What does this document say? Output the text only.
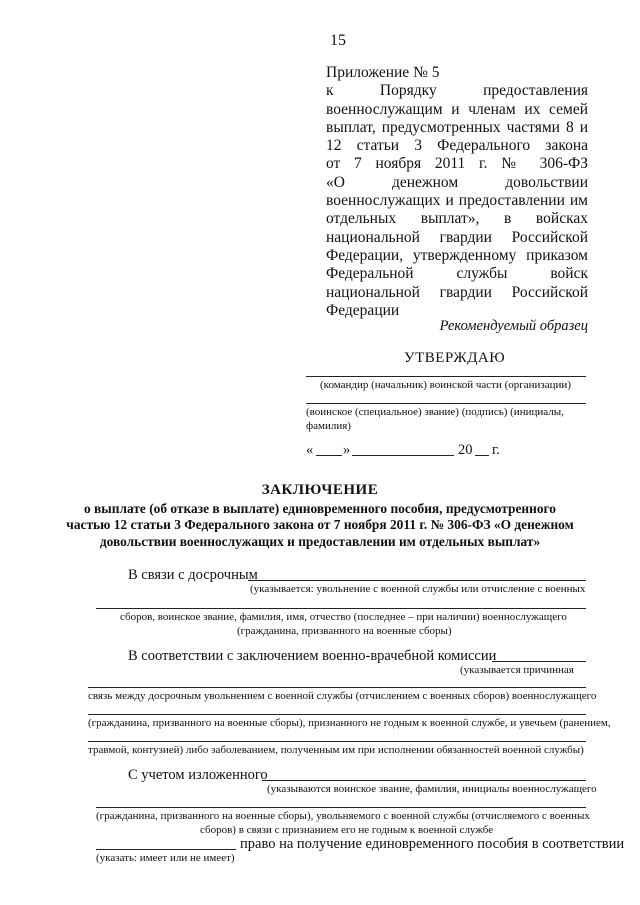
15
Приложение № 5
к Порядку предоставления
военнослужащим и членам их семей
выплат, предусмотренных частями 8 и
12 статьи 3 Федерального закона
от 7 ноября 2011 г. № 306-ФЗ
«О денежном довольствии
военнослужащих и предоставлении им
отдельных выплат», в войсках
национальной гвардии Российской
Федерации, утвержденному приказом
Федеральной службы войск
национальной гвардии Российской
Федерации
Рекомендуемый образец
УТВЕРЖДАЮ
(командир (начальник) воинской части (организации)
(воинское (специальное) звание) (подпись) (инициалы,
фамилия)
« »	20 г.
ЗАКЛЮЧЕНИЕ
о выплате (об отказе в выплате) единовременного пособия, предусмотренного
частью 12 статьи 3 Федерального закона от 7 ноября 2011 г. № 306-ФЗ «О денежном
довольствии военнослужащих и предоставлении им отдельных выплат»
В связи с досрочным
(указывается: увольнение с военной службы или отчисление с военных
сборов, воинское звание, фамилия, имя, отчество (последнее – при наличии) военнослужащего
(гражданина, призванного на военные сборы)
В соответствии с заключением военно-врачебной комиссии
(указывается причинная
связь между досрочным увольнением с военной службы (отчислением с военных сборов) военнослужащего
(гражданина, призванного на военные сборы), признанного не годным к военной службе, и увечьем (ранением,
травмой, контузией) либо заболеванием, полученным им при исполнении обязанностей военной службы)
С учетом изложенного
(указываются воинское звание, фамилия, инициалы военнослужащего
(гражданина, призванного на военные сборы), увольняемого с военной службы (отчисляемого с военных
сборов) в связи с признанием его не годным к военной службе
право на получение единовременного пособия в соответствии
(указать: имеет или не имеет)
